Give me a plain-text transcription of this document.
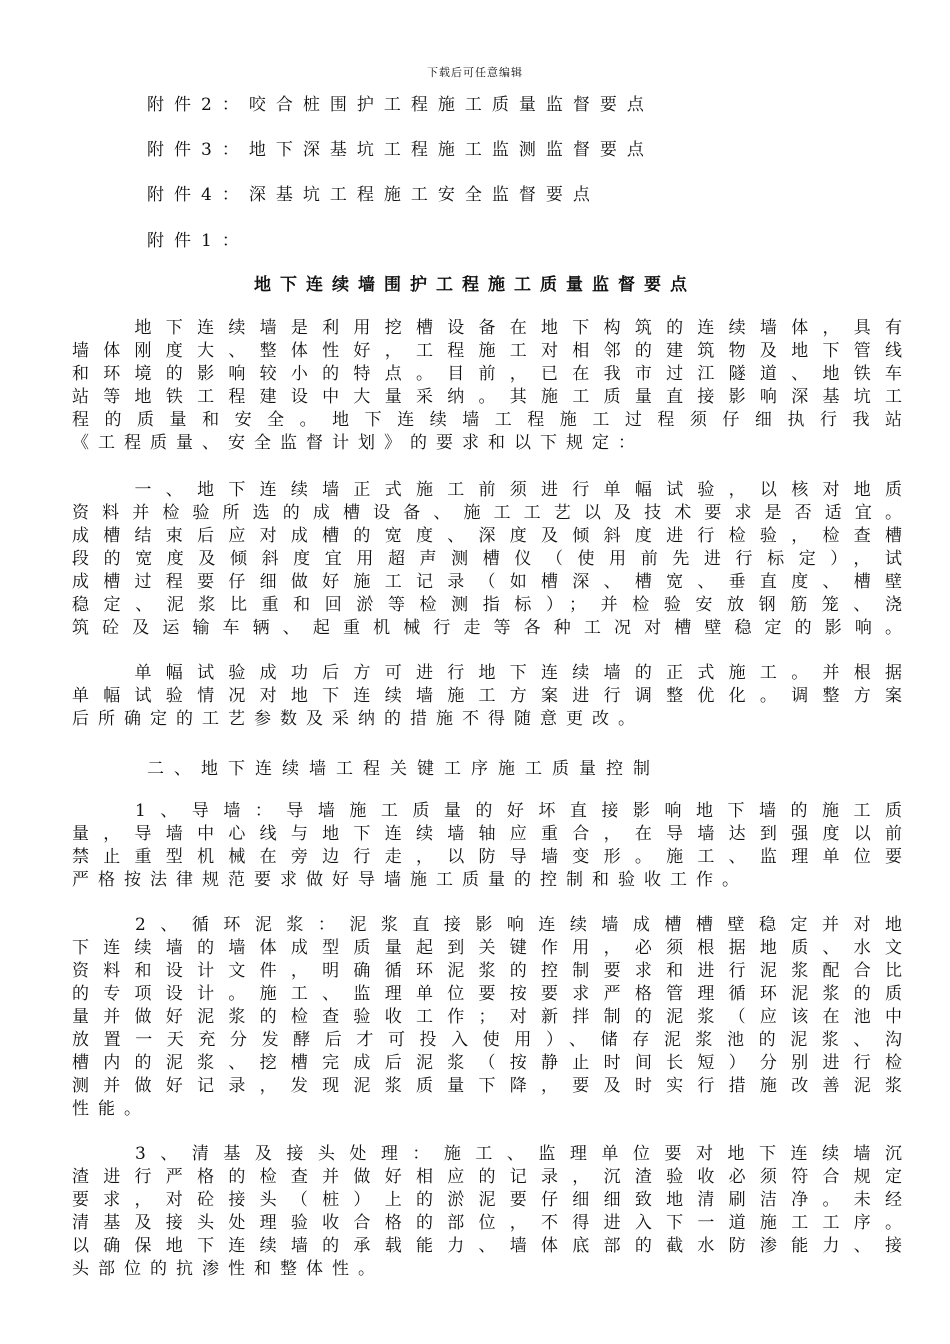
下载后可任意编辑

附件2：咬合桩围护工程施工质量监督要点

附件3：地下深基坑工程施工监测监督要点

附件4：深基坑工程施工安全监督要点

附件1：

地下连续墙围护工程施工质量监督要点
　　地下连续墙是利用挖槽设备在地下构筑的连续墙体，具有
墙体刚度大、整体性好，工程施工对相邻的建筑物及地下管线
和环境的影响较小的特点。目前，已在我市过江隧道、地铁车
站等地铁工程建设中大量采纳。其施工质量直接影响深基坑工
程的质量和安全。地下连续墙工程施工过程须仔细执行我站
《工程质量、安全监督计划》的要求和以下规定：
　　一、地下连续墙正式施工前须进行单幅试验，以核对地质
资料并检验所选的成槽设备、施工工艺以及技术要求是否适宜。
成槽结束后应对成槽的宽度、深度及倾斜度进行检验，检查槽
段的宽度及倾斜度宜用超声测槽仪（使用前先进行标定），试
成槽过程要仔细做好施工记录（如槽深、槽宽、垂直度、槽壁
稳定、泥浆比重和回淤等检测指标）；并检验安放钢筋笼、浇
筑砼及运输车辆、起重机械行走等各种工况对槽壁稳定的影响。
　　单幅试验成功后方可进行地下连续墙的正式施工。并根据
单幅试验情况对地下连续墙施工方案进行调整优化。调整方案
后所确定的工艺参数及采纳的措施不得随意更改。

二、地下连续墙工程关键工序施工质量控制

　　1、导墙：导墙施工质量的好坏直接影响地下墙的施工质
量，导墙中心线与地下连续墙轴应重合，在导墙达到强度以前
禁止重型机械在旁边行走，以防导墙变形。施工、监理单位要
严格按法律规范要求做好导墙施工质量的控制和验收工作。
　　2、循环泥浆：泥浆直接影响连续墙成槽槽壁稳定并对地
下连续墙的墙体成型质量起到关键作用，必须根据地质、水文
资料和设计文件，明确循环泥浆的控制要求和进行泥浆配合比
的专项设计。施工、监理单位要按要求严格管理循环泥浆的质
量并做好泥浆的检查验收工作；对新拌制的泥浆（应该在池中
放置一天充分发酵后才可投入使用）、储存泥浆池的泥浆、沟
槽内的泥浆、挖槽完成后泥浆（按静止时间长短）分别进行检
测并做好记录，发现泥浆质量下降，要及时实行措施改善泥浆
性能。
　　3、清基及接头处理：施工、监理单位要对地下连续墙沉
渣进行严格的检查并做好相应的记录，沉渣验收必须符合规定
要求，对砼接头（桩）上的淤泥要仔细细致地清刷洁净。未经
清基及接头处理验收合格的部位，不得进入下一道施工工序。
以确保地下连续墙的承载能力、墙体底部的截水防渗能力、接
头部位的抗渗性和整体性。
